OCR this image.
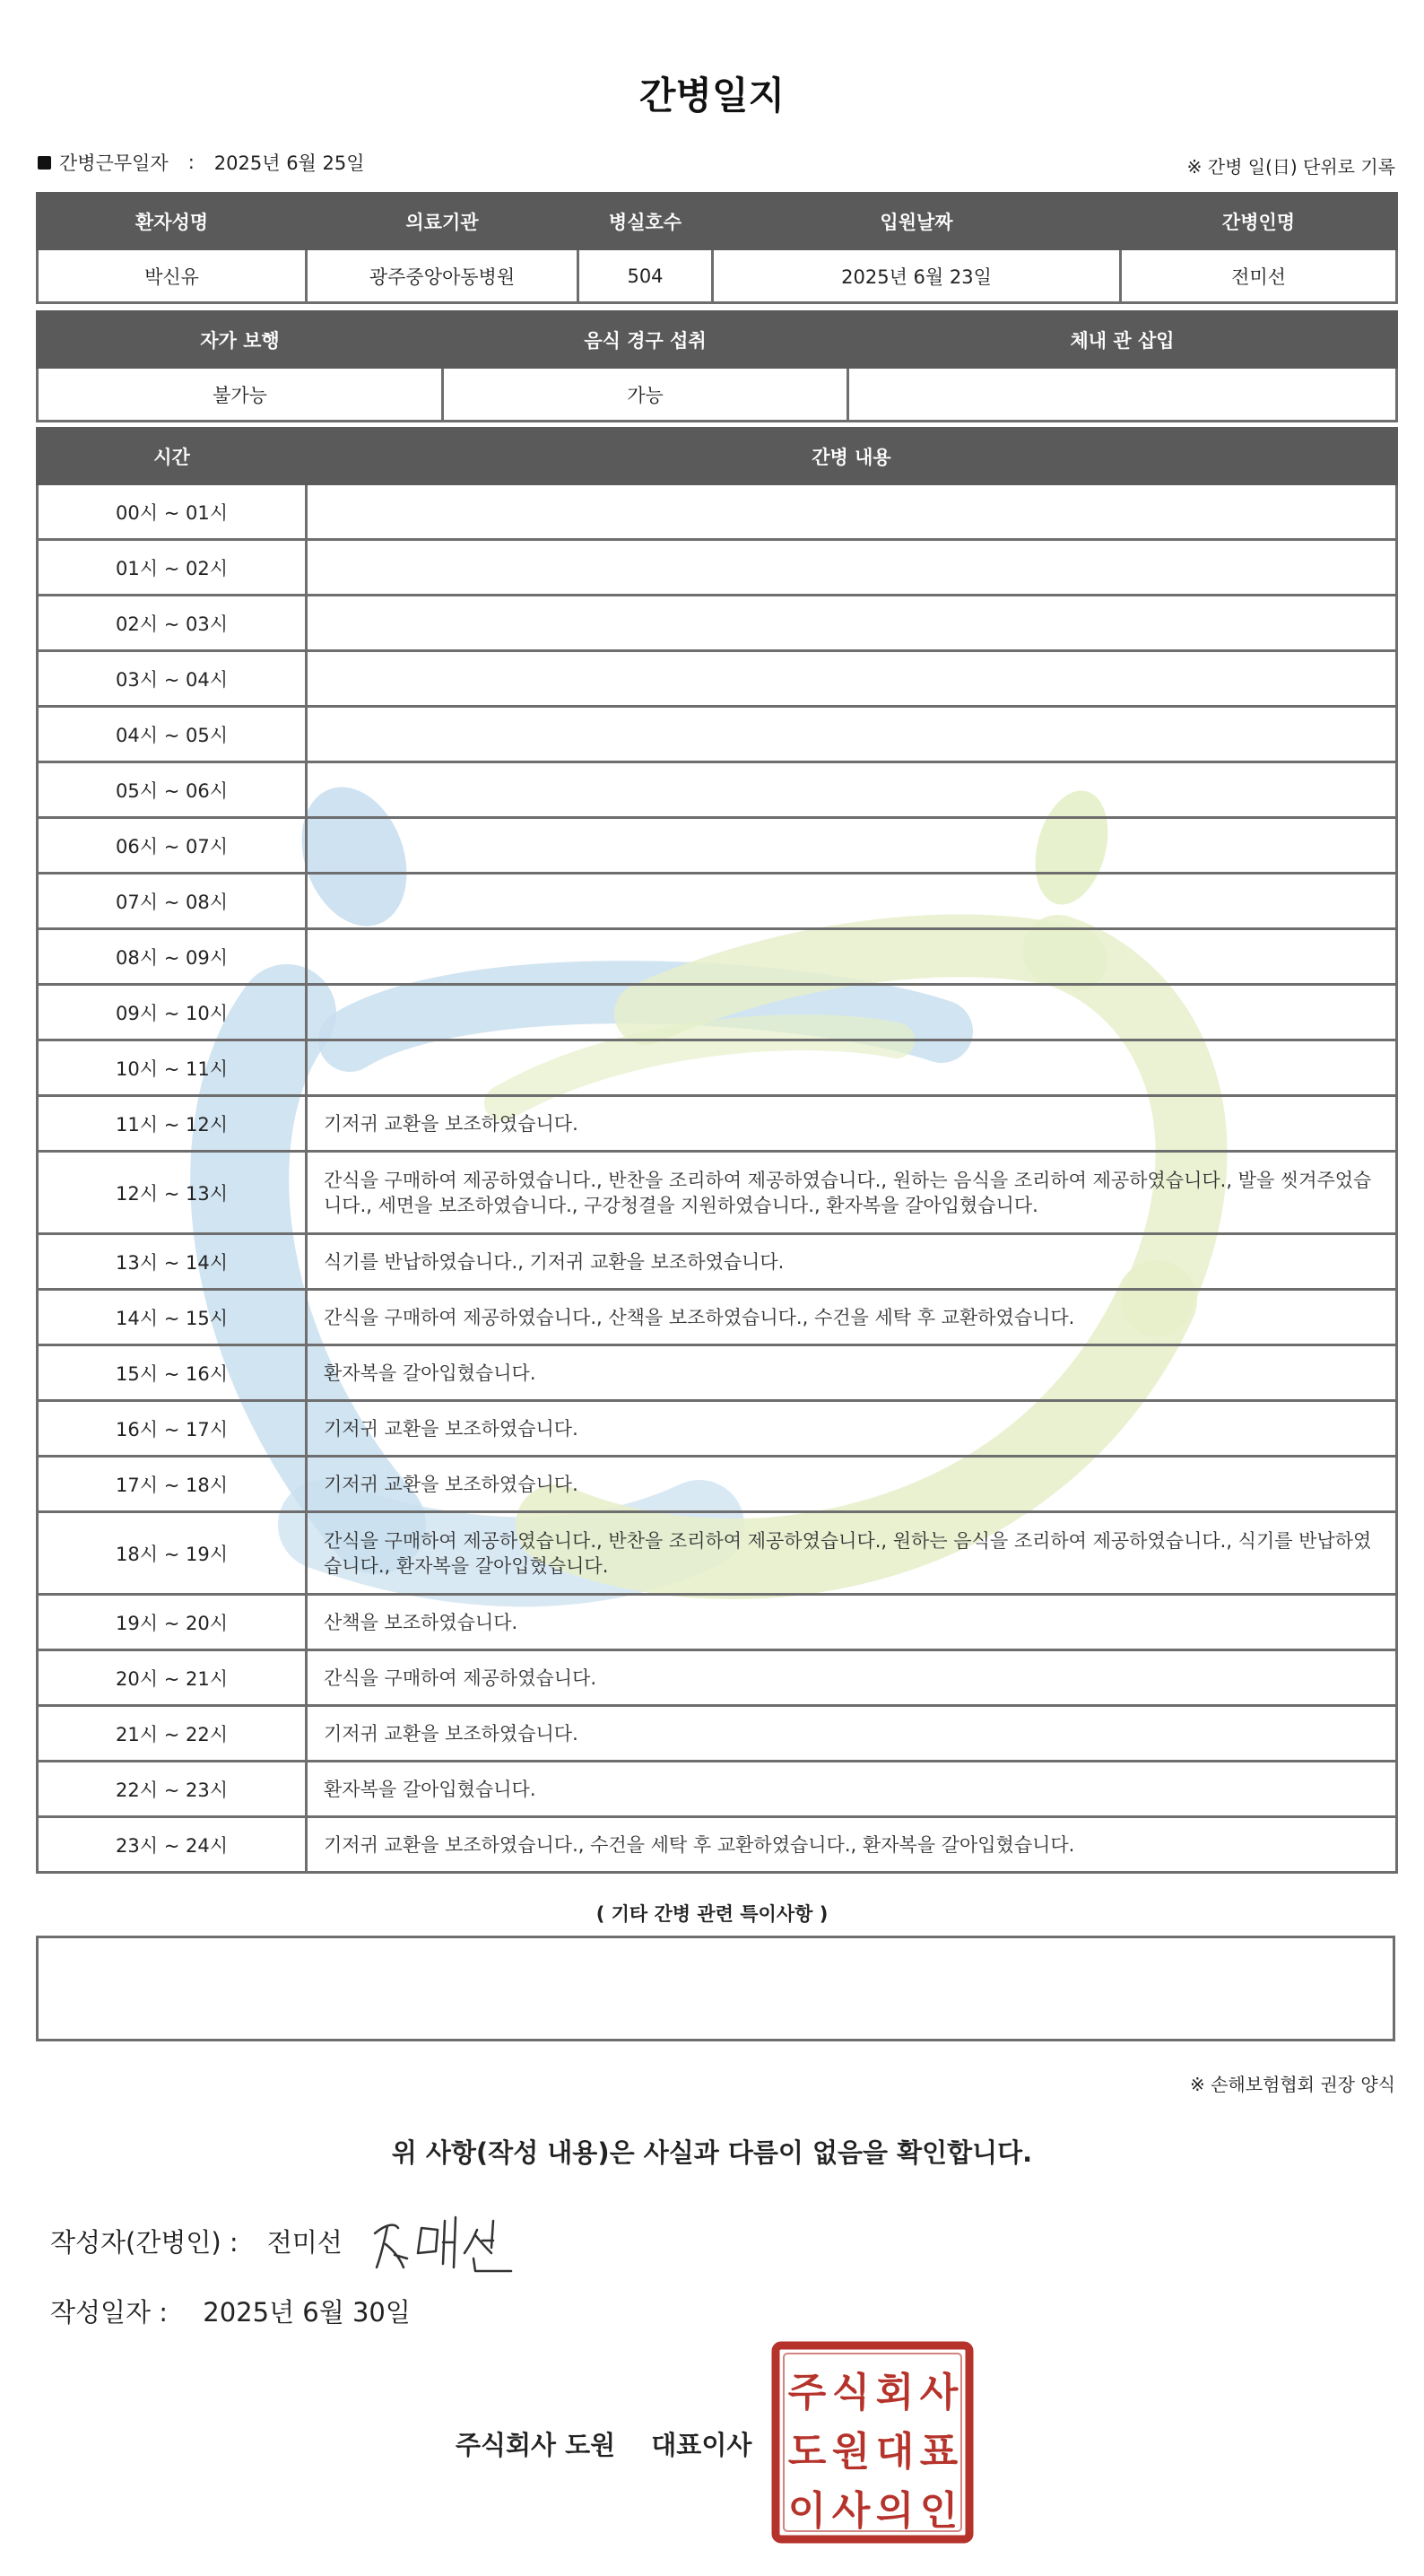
간병일지
간병근무일자 : 2025년 6월 25일	※ 간병 일(日) 단위로 기록
환자성명	의료기관	병실호수	입원날짜	간병인명
박신유	광주중앙아동병원	504	2025년 6월 23일	전미선
자가 보행	음식 경구 섭취	체내 관 삽입
불가능	가능	
시간	간병 내용
00시 ~ 01시	
01시 ~ 02시	
02시 ~ 03시	
03시 ~ 04시	
04시 ~ 05시	
05시 ~ 06시	
06시 ~ 07시	
07시 ~ 08시	
08시 ~ 09시	
09시 ~ 10시	
10시 ~ 11시	
11시 ~ 12시	기저귀 교환을 보조하였습니다.
12시 ~ 13시	간식을 구매하여 제공하였습니다., 반찬을 조리하여 제공하였습니다., 원하는 음식을 조리하여 제공하였습니다., 발을 씻겨주었습니다., 세면을 보조하였습니다., 구강청결을 지원하였습니다., 환자복을 갈아입혔습니다.
13시 ~ 14시	식기를 반납하였습니다., 기저귀 교환을 보조하였습니다.
14시 ~ 15시	간식을 구매하여 제공하였습니다., 산책을 보조하였습니다., 수건을 세탁 후 교환하였습니다.
15시 ~ 16시	환자복을 갈아입혔습니다.
16시 ~ 17시	기저귀 교환을 보조하였습니다.
17시 ~ 18시	기저귀 교환을 보조하였습니다.
18시 ~ 19시	간식을 구매하여 제공하였습니다., 반찬을 조리하여 제공하였습니다., 원하는 음식을 조리하여 제공하였습니다., 식기를 반납하였습니다., 환자복을 갈아입혔습니다.
19시 ~ 20시	산책을 보조하였습니다.
20시 ~ 21시	간식을 구매하여 제공하였습니다.
21시 ~ 22시	기저귀 교환을 보조하였습니다.
22시 ~ 23시	환자복을 갈아입혔습니다.
23시 ~ 24시	기저귀 교환을 보조하였습니다., 수건을 세탁 후 교환하였습니다., 환자복을 갈아입혔습니다.
( 기타 간병 관련 특이사항 )
※ 손해보험협회 권장 양식
위 사항(작성 내용)은 사실과 다름이 없음을 확인합니다.
작성자(간병인) : 전미선
작성일자 : 2025년 6월 30일
주식회사 도원 대표이사
주 식 회 사
도 원 대 표
이 사 의 인
